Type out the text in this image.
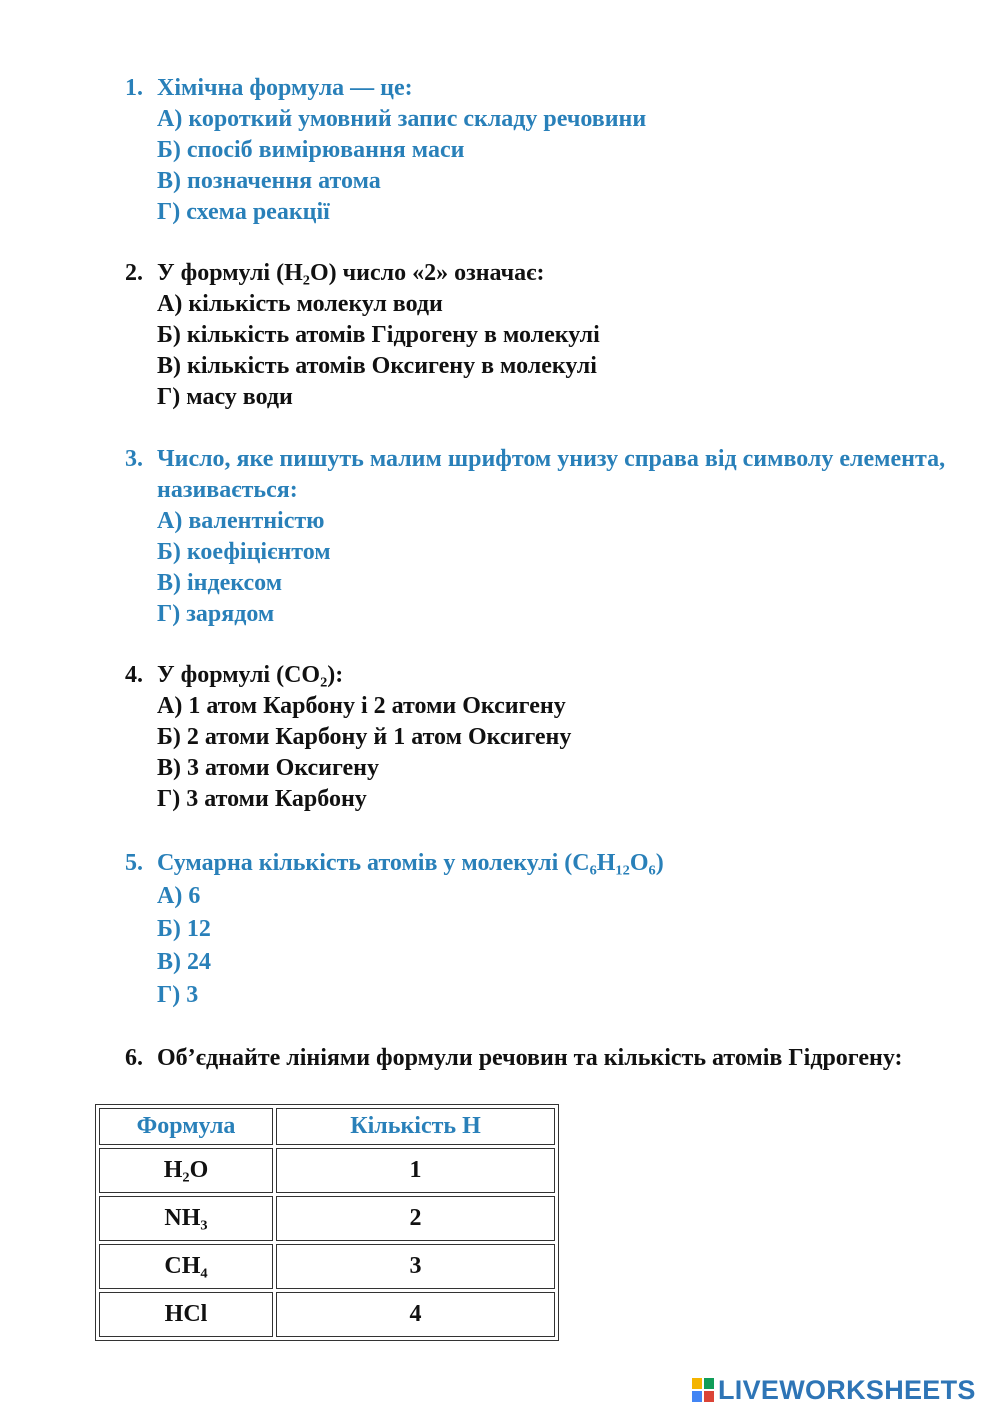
1. Хімічна формула — це:
А) короткий умовний запис складу речовини
Б) спосіб вимірювання маси
В) позначення атома
Г) схема реакції
2. У формулі (H₂O) число «2» означає:
А) кількість молекул води
Б) кількість атомів Гідрогену в молекулі
В) кількість атомів Оксигену в молекулі
Г) масу води
3. Число, яке пишуть малим шрифтом унизу справа від символу елемента, називається:
А) валентністю
Б) коефіцієнтом
В) індексом
Г) зарядом
4. У формулі (CO₂):
А) 1 атом Карбону і 2 атоми Оксигену
Б) 2 атоми Карбону й 1 атом Оксигену
В) 3 атоми Оксигену
Г) 3 атоми Карбону
5. Сумарна кількість атомів у молекулі (C₆H₁₂O₆)
А) 6
Б) 12
В) 24
Г) 3
6. Об’єднайте лініями формули речовин та кількість атомів Гідрогену:
Формула	Кількість Н
H₂O	1
NH₃	2
CH₄	3
HCl	4
LIVEWORKSHEETS
